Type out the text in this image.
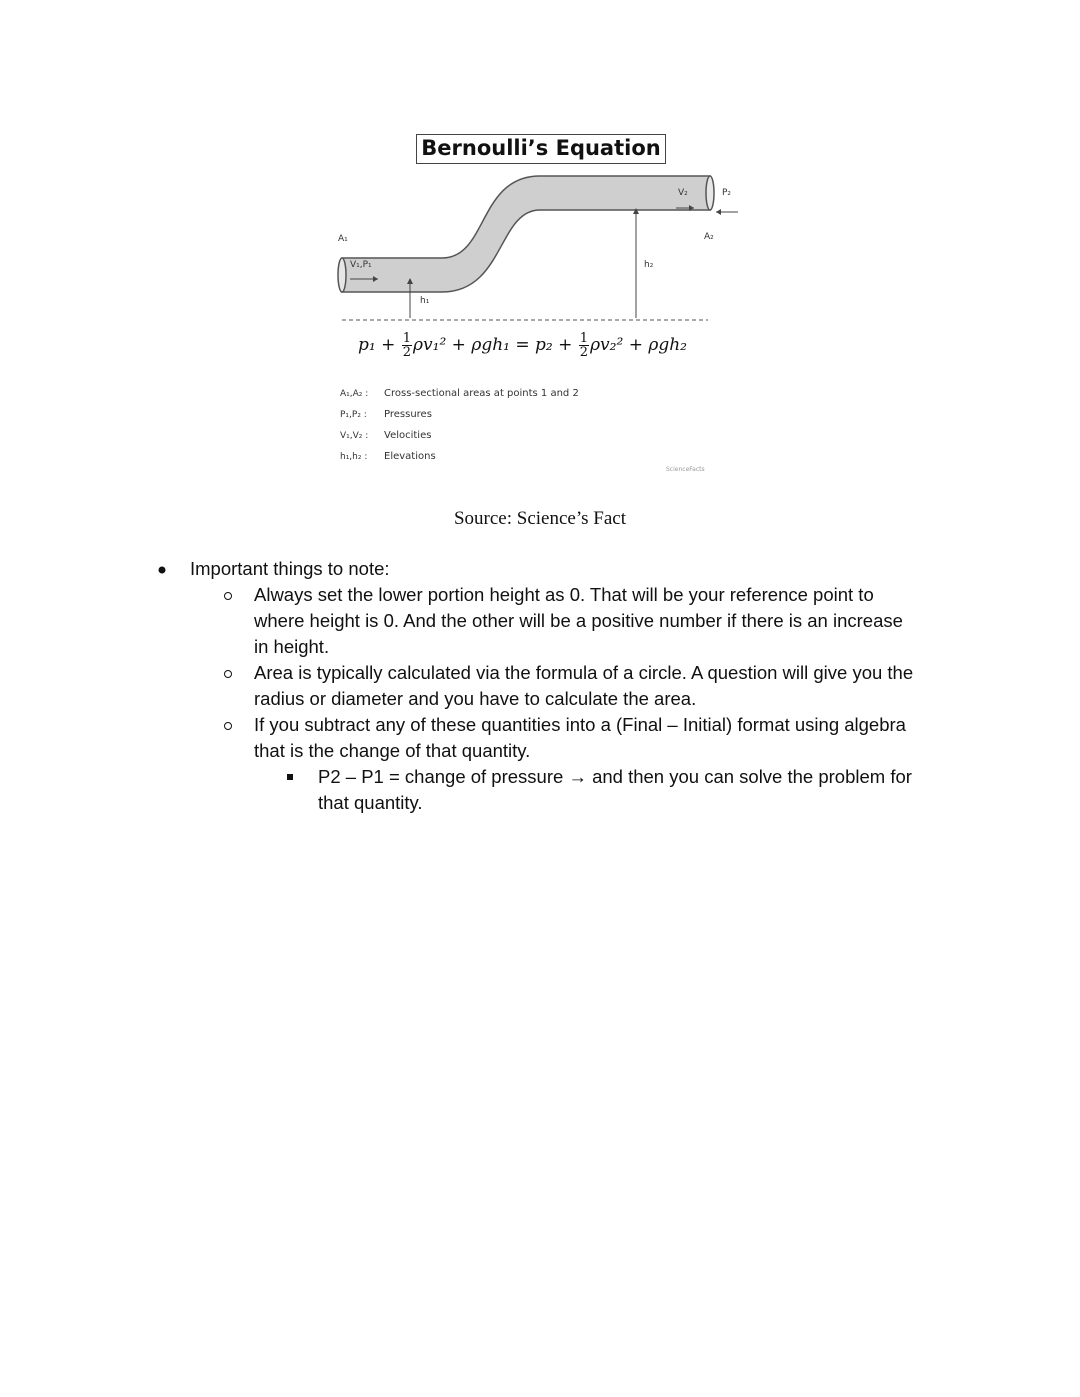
Bernoulli’s Equation
A₁
V₁,P₁
h₁
h₂
V₂	P₂
A₂
$p_1 + \frac{1}{2} \rho v_1^2 + \rho gh_1 = p_2 + \frac{1}{2} \rho v_2^2 + \rho gh_2$
A₁,A₂ : Cross-sectional areas at points 1 and 2
P₁,P₂ : Pressures
V₁,V₂ : Velocities
h₁,h₂ : Elevations
ScienceFacts
Source: Science’s Fact
Important things to note:
Always set the lower portion height as 0. That will be your reference point to
where height is 0. And the other will be a positive number if there is an increase
in height.
Area is typically calculated via the formula of a circle. A question will give you the
radius or diameter and you have to calculate the area.
If you subtract any of these quantities into a (Final – Initial) format using algebra
that is the change of that quantity.
P2 – P1 = change of pressure → and then you can solve the problem for
that quantity.
